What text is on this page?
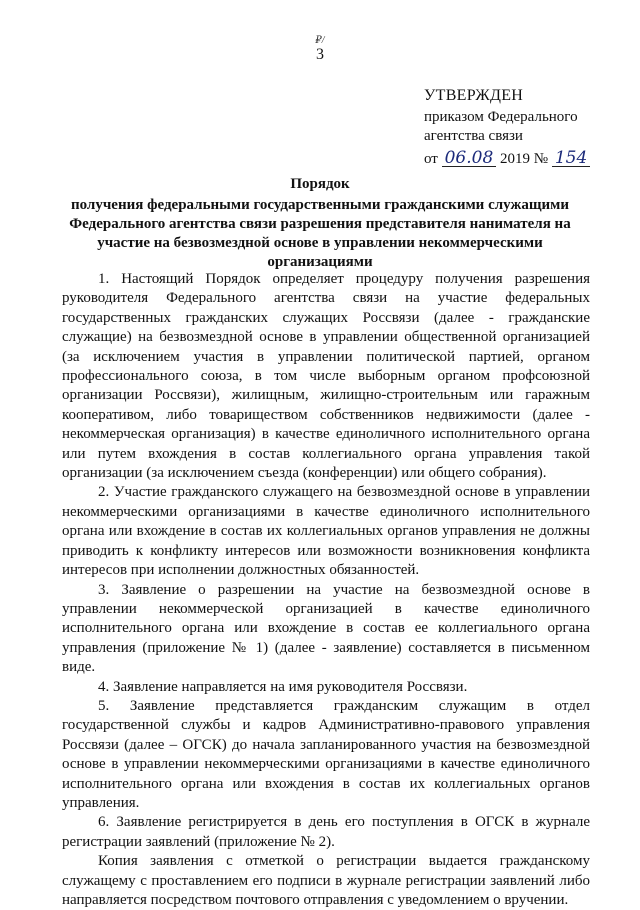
₽/
3
УТВЕРЖДЕН
приказом Федерального
агентства связи
от 06.08 2019 № 154
Порядок
получения федеральными государственными гражданскими служащими Федерального агентства связи разрешения представителя нанимателя на участие на безвозмездной основе в управлении некоммерческими организациями

1. Настоящий Порядок определяет процедуру получения разрешения руководителя Федерального агентства связи на участие федеральных государственных гражданских служащих Россвязи (далее - гражданские служащие) на безвозмездной основе в управлении общественной организацией (за исключением участия в управлении политической партией, органом профессионального союза, в том числе выборным органом профсоюзной организации Россвязи), жилищным, жилищно-строительным или гаражным кооперативом, либо товариществом собственников недвижимости (далее - некоммерческая организация) в качестве единоличного исполнительного органа или путем вхождения в состав коллегиального органа управления такой организации (за исключением съезда (конференции) или общего собрания).

2. Участие гражданского служащего на безвозмездной основе в управлении некоммерческими организациями в качестве единоличного исполнительного органа или вхождение в состав их коллегиальных органов управления не должны приводить к конфликту интересов или возможности возникновения конфликта интересов при исполнении должностных обязанностей.

3. Заявление о разрешении на участие на безвозмездной основе в управлении некоммерческой организацией в качестве единоличного исполнительного органа или вхождение в состав ее коллегиального органа управления (приложение № 1) (далее - заявление) составляется в письменном виде.

4. Заявление направляется на имя руководителя Россвязи.

5. Заявление представляется гражданским служащим в отдел государственной службы и кадров Административно-правового управления Россвязи (далее – ОГСК) до начала запланированного участия на безвозмездной основе в управлении некоммерческими организациями в качестве единоличного исполнительного органа или вхождения в состав их коллегиальных органов управления.

6. Заявление регистрируется в день его поступления в ОГСК в журнале регистрации заявлений (приложение № 2).

Копия заявления с отметкой о регистрации выдается гражданскому служащему с проставлением его подписи в журнале регистрации заявлений либо направляется посредством почтового отправления с уведомлением о вручении.
